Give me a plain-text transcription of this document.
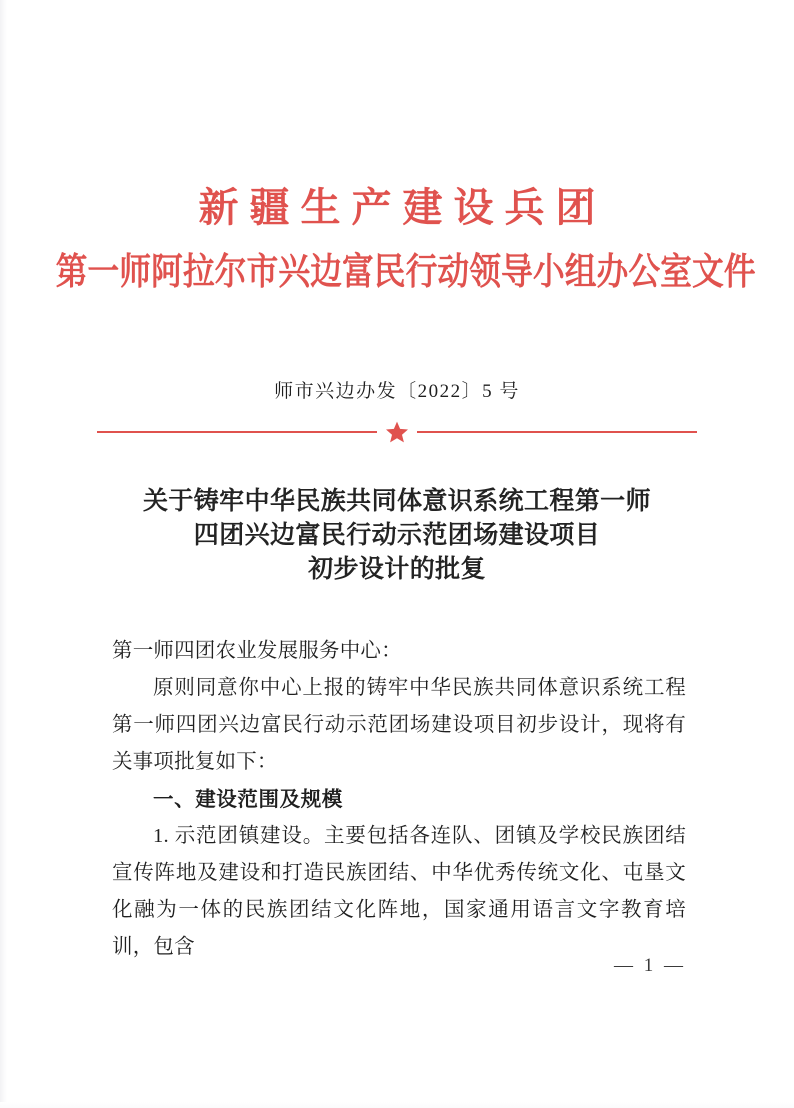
新疆生产建设兵团
第一师阿拉尔市兴边富民行动领导小组办公室文件
师市兴边办发〔2022〕5 号
关于铸牢中华民族共同体意识系统工程第一师
四团兴边富民行动示范团场建设项目
初步设计的批复

第一师四团农业发展服务中心：

原则同意你中心上报的铸牢中华民族共同体意识系统工程第一师四团兴边富民行动示范团场建设项目初步设计，现将有关事项批复如下：

一、建设范围及规模

1. 示范团镇建设。主要包括各连队、团镇及学校民族团结宣传阵地及建设和打造民族团结、中华优秀传统文化、屯垦文化融为一体的民族团结文化阵地，国家通用语言文字教育培训，包含

— 1 —
